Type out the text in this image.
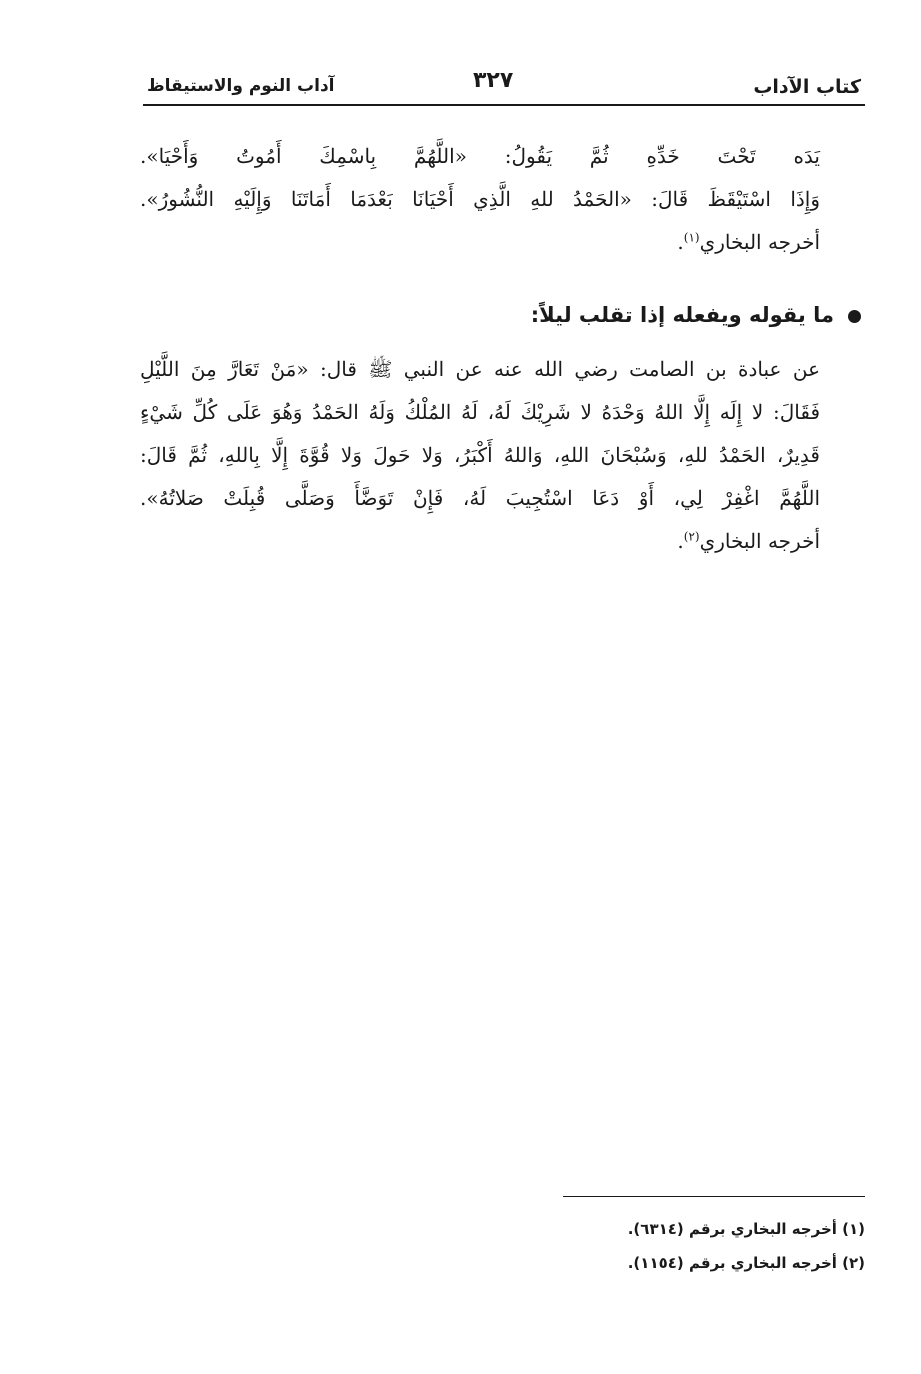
كتاب الآداب
٣٢٧
آداب النوم والاستيقاظ
يَدَه تَحْتَ خَدِّهِ ثُمَّ يَقُولُ: «اللَّهُمَّ بِاسْمِكَ أَمُوتُ وَأَحْيَا».
وَإِذَا اسْتَيْقَظَ قَالَ: «الحَمْدُ للهِ الَّذِي أَحْيَانَا بَعْدَمَا أَمَاتَنَا وَإِلَيْهِ النُّشُورُ».
أخرجه البخاري$^{(١)}$.
ما يقوله ويفعله إذا تقلب ليلاً:
عن عبادة بن الصامت رضي الله عنه عن النبي ﷺ قال: «مَنْ تَعَارَّ مِنَ اللَّيْلِ
فَقَالَ: لا إِلَه إِلَّا اللهُ وَحْدَهُ لا شَرِيْكَ لَهُ، لَهُ المُلْكُ وَلَهُ الحَمْدُ وَهُوَ عَلَى كُلِّ شَيْءٍ
قَدِيرٌ، الحَمْدُ للهِ، وَسُبْحَانَ اللهِ، وَاللهُ أَكْبَرُ، وَلا حَولَ وَلا قُوَّةَ إِلَّا بِاللهِ، ثُمَّ قَالَ:
اللَّهُمَّ اغْفِرْ لِي، أَوْ دَعَا اسْتُجِيبَ لَهُ، فَإِنْ تَوَضَّأَ وَصَلَّى قُبِلَتْ صَلاتُهُ».
أخرجه البخاري$^{(٢)}$.
(١) أخرجه البخاري برقم (٦٣١٤).
(٢) أخرجه البخاري برقم (١١٥٤).
